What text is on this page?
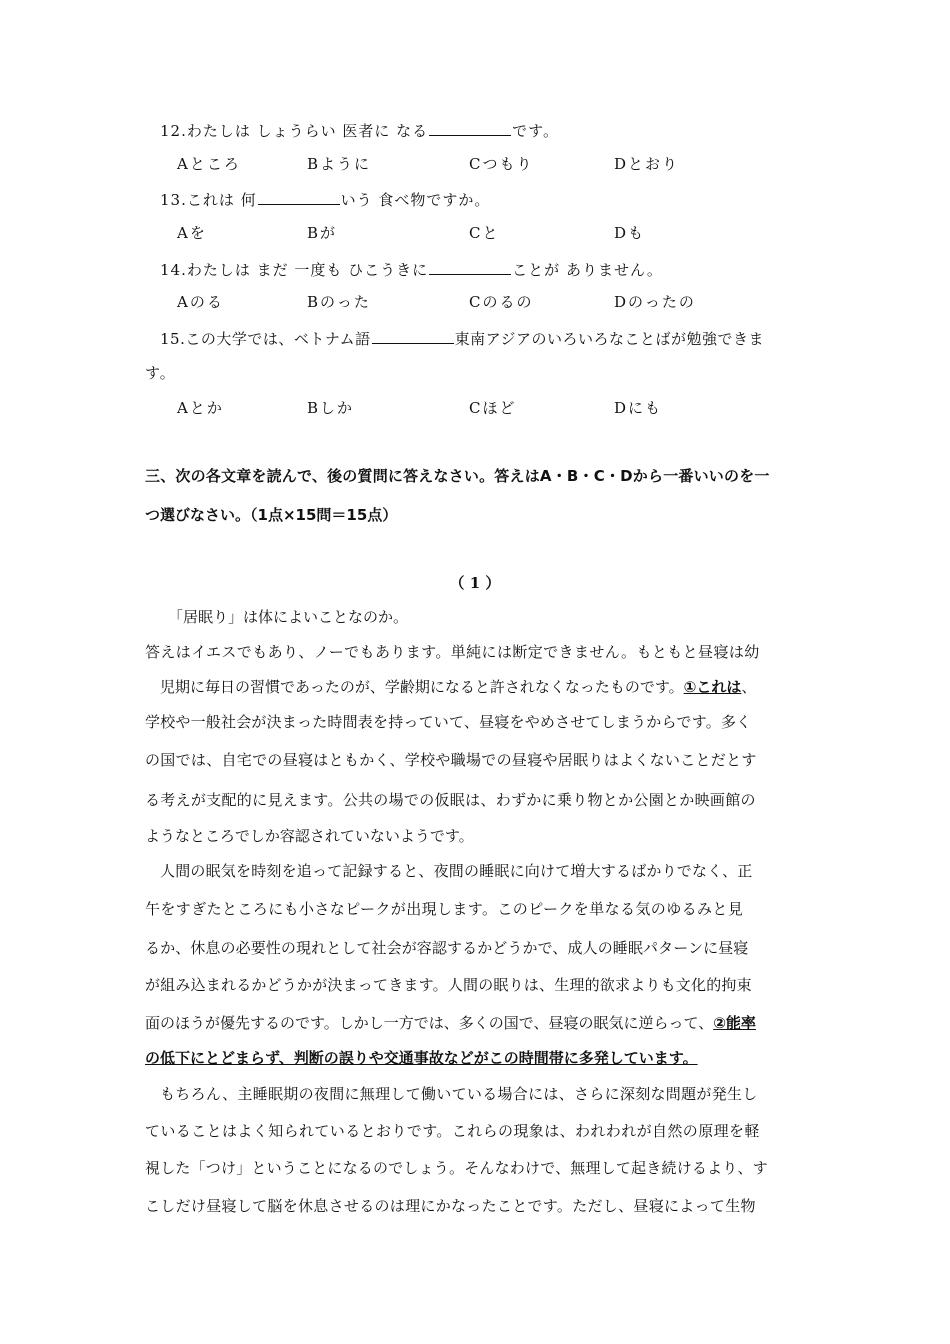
12.わたしは しょうらい 医者に なる	です。
Aところ	Bように	Cつもり	Dとおり
13.これは 何	いう 食べ物ですか。
Aを	Bが	Cと	Dも
14.わたしは まだ 一度も ひこうきに	ことが ありません。
Aのる	Bのった	Cのるの	Dのったの
15.この大学では、ベトナム語	東南アジアのいろいろなことばが勉強できま
す。
Aとか	Bしか	Cほど	Dにも
三、次の各文章を読んで、後の質問に答えなさい。答えはA・B・C・Dから一番いいのを一
つ選びなさい。（1点×15問＝15点）
（ 1 ）
「居眠り」は体によいことなのか。
答えはイエスでもあり、ノーでもあります。単純には断定できません。もともと昼寝は幼
児期に毎日の習慣であったのが、学齢期になると許されなくなったものです。①これは、
学校や一般社会が決まった時間表を持っていて、昼寝をやめさせてしまうからです。多く
の国では、自宅での昼寝はともかく、学校や職場での昼寝や居眠りはよくないことだとす
る考えが支配的に見えます。公共の場での仮眠は、わずかに乗り物とか公園とか映画館の
ようなところでしか容認されていないようです。
人間の眠気を時刻を追って記録すると、夜間の睡眠に向けて増大するばかりでなく、正
午をすぎたところにも小さなピークが出現します。このピークを単なる気のゆるみと見
るか、休息の必要性の現れとして社会が容認するかどうかで、成人の睡眠パターンに昼寝
が組み込まれるかどうかが決まってきます。人間の眠りは、生理的欲求よりも文化的拘束
面のほうが優先するのです。しかし一方では、多くの国で、昼寝の眠気に逆らって、②能率
の低下にとどまらず、判断の誤りや交通事故などがこの時間帯に多発しています。
もちろん、主睡眠期の夜間に無理して働いている場合には、さらに深刻な問題が発生し
ていることはよく知られているとおりです。これらの現象は、われわれが自然の原理を軽
視した「つけ」ということになるのでしょう。そんなわけで、無理して起き続けるより、す
こしだけ昼寝して脳を休息させるのは理にかなったことです。ただし、昼寝によって生物
